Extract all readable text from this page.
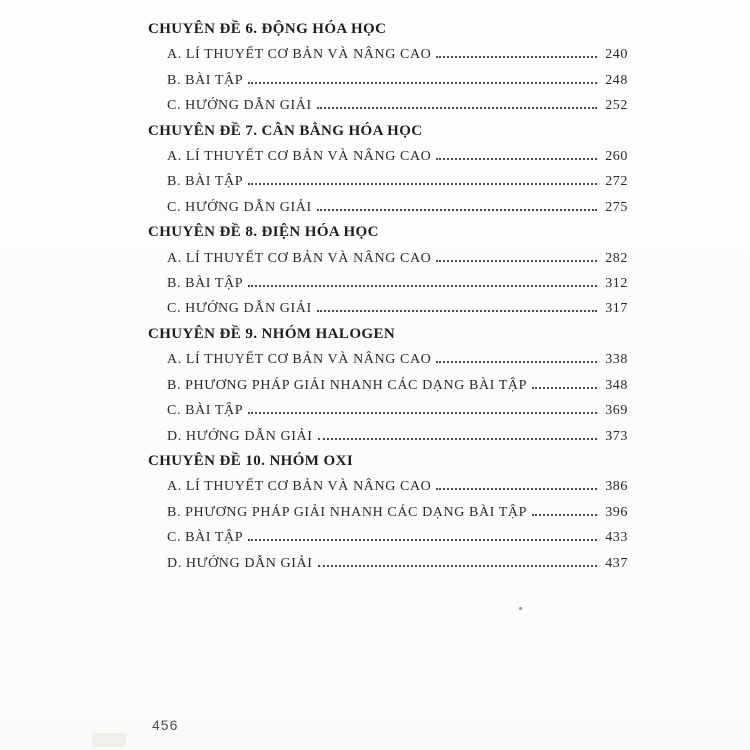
CHUYÊN ĐỀ 6. ĐỘNG HÓA HỌC
A. LÍ THUYẾT CƠ BẢN VÀ NÂNG CAO	240
B. BÀI TẬP	248
C. HƯỚNG DẪN GIẢI	252
CHUYÊN ĐỀ 7. CÂN BẰNG HÓA HỌC
A. LÍ THUYẾT CƠ BẢN VÀ NÂNG CAO	260
B. BÀI TẬP	272
C. HƯỚNG DẪN GIẢI	275
CHUYÊN ĐỀ 8. ĐIỆN HÓA HỌC
A. LÍ THUYẾT CƠ BẢN VÀ NÂNG CAO	282
B. BÀI TẬP	312
C. HƯỚNG DẪN GIẢI	317
CHUYÊN ĐỀ 9. NHÓM HALOGEN
A. LÍ THUYẾT CƠ BẢN VÀ NÂNG CAO	338
B. PHƯƠNG PHÁP GIẢI NHANH CÁC DẠNG BÀI TẬP	348
C. BÀI TẬP	369
D. HƯỚNG DẪN GIẢI	373
CHUYÊN ĐỀ 10. NHÓM OXI
A. LÍ THUYẾT CƠ BẢN VÀ NÂNG CAO	386
B. PHƯƠNG PHÁP GIẢI NHANH CÁC DẠNG BÀI TẬP	396
C. BÀI TẬP	433
D. HƯỚNG DẪN GIẢI	437
456
